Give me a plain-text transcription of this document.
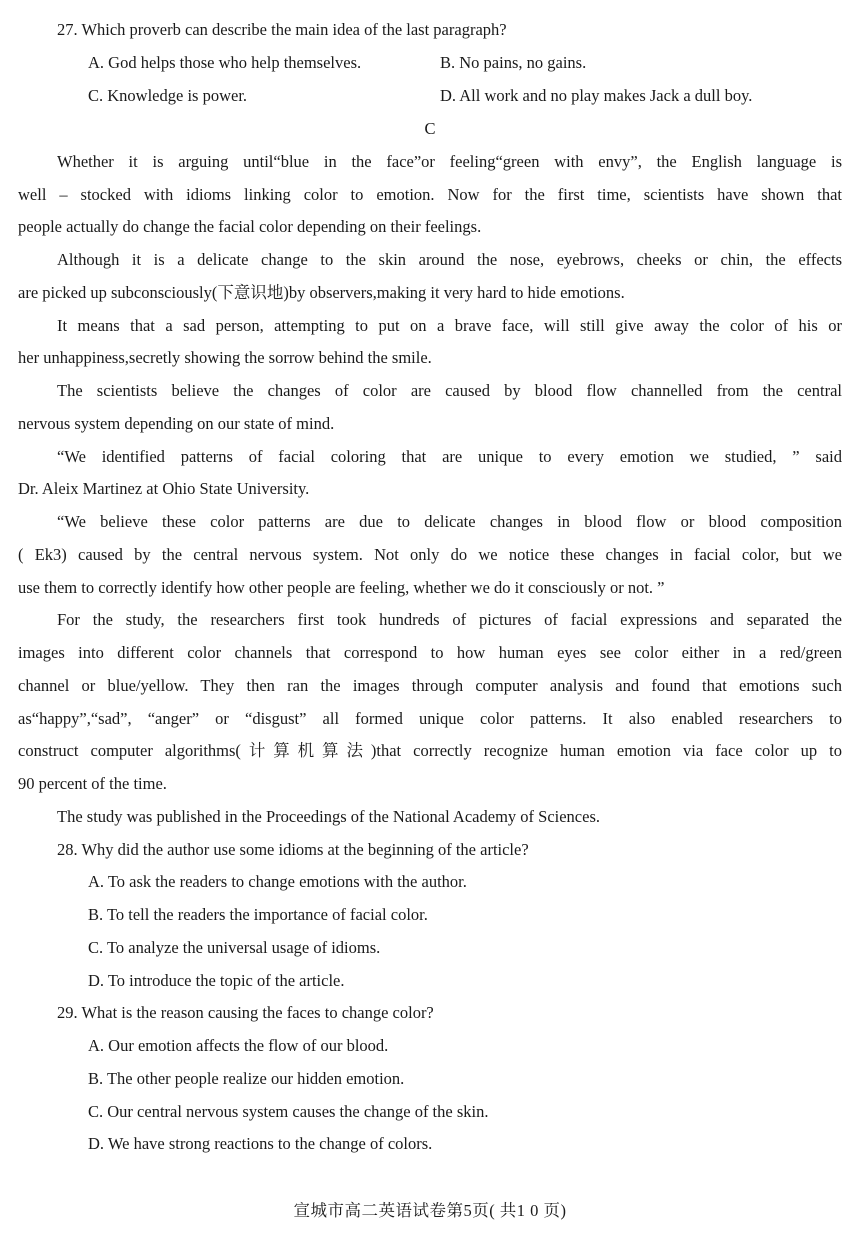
27. Which proverb can describe the main idea of the last paragraph?
A. God helps those who help themselves.	B. No pains, no gains.
C. Knowledge is power.	D. All work and no play makes Jack a dull boy.
C
Whether it is arguing until“blue in the face”or feeling“green with envy”, the English language is
well – stocked with idioms linking color to emotion. Now for the first time, scientists have shown that
people actually do change the facial color depending on their feelings.
Although it is a delicate change to the skin around the nose, eyebrows, cheeks or chin, the effects
are picked up subconsciously(下意识地)by observers,making it very hard to hide emotions.
It means that a sad person, attempting to put on a brave face, will still give away the color of his or
her unhappiness,secretly showing the sorrow behind the smile.
The scientists believe the changes of color are caused by blood flow channelled from the central
nervous system depending on our state of mind.
“We identified patterns of facial coloring that are unique to every emotion we studied, ” said
Dr. Aleix Martinez at Ohio State University.
“We believe these color patterns are due to delicate changes in blood flow or blood composition
( Ek3) caused by the central nervous system. Not only do we notice these changes in facial color, but we
use them to correctly identify how other people are feeling, whether we do it consciously or not. ”
For the study, the researchers first took hundreds of pictures of facial expressions and separated the
images into different color channels that correspond to how human eyes see color either in a red/green
channel or blue/yellow. They then ran the images through computer analysis and found that emotions such
as“happy”,“sad”, “anger” or “disgust” all formed unique color patterns. It also enabled researchers to
construct computer algorithms(计算机算法)that correctly recognize human emotion via face color up to
90 percent of the time.
The study was published in the Proceedings of the National Academy of Sciences.
28. Why did the author use some idioms at the beginning of the article?
A. To ask the readers to change emotions with the author.
B. To tell the readers the importance of facial color.
C. To analyze the universal usage of idioms.
D. To introduce the topic of the article.
29. What is the reason causing the faces to change color?
A. Our emotion affects the flow of our blood.
B. The other people realize our hidden emotion.
C. Our central nervous system causes the change of the skin.
D. We have strong reactions to the change of colors.
宣城市高二英语试卷第5页( 共1 0 页)
